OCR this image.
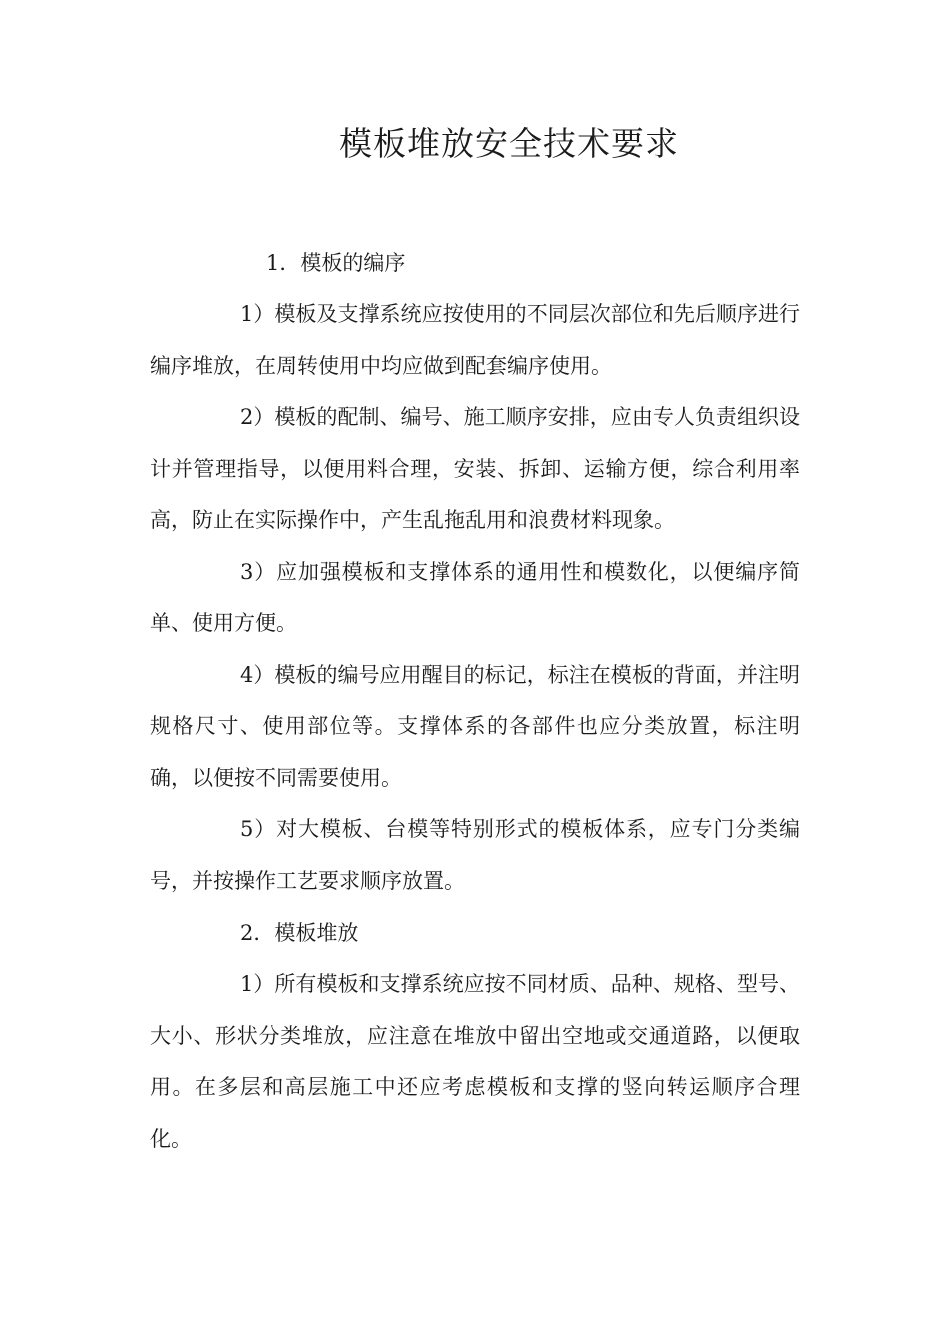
模板堆放安全技术要求

1．模板的编序

1）模板及支撑系统应按使用的不同层次部位和先后顺序进行编序堆放，在周转使用中均应做到配套编序使用。

2）模板的配制、编号、施工顺序安排，应由专人负责组织设计并管理指导，以便用料合理，安装、拆卸、运输方便，综合利用率高，防止在实际操作中，产生乱拖乱用和浪费材料现象。

3）应加强模板和支撑体系的通用性和模数化，以便编序简单、使用方便。

4）模板的编号应用醒目的标记，标注在模板的背面，并注明规格尺寸、使用部位等。支撑体系的各部件也应分类放置，标注明确，以便按不同需要使用。

5）对大模板、台模等特别形式的模板体系，应专门分类编号，并按操作工艺要求顺序放置。

2．模板堆放

1）所有模板和支撑系统应按不同材质、品种、规格、型号、大小、形状分类堆放，应注意在堆放中留出空地或交通道路，以便取用。在多层和高层施工中还应考虑模板和支撑的竖向转运顺序合理化。
